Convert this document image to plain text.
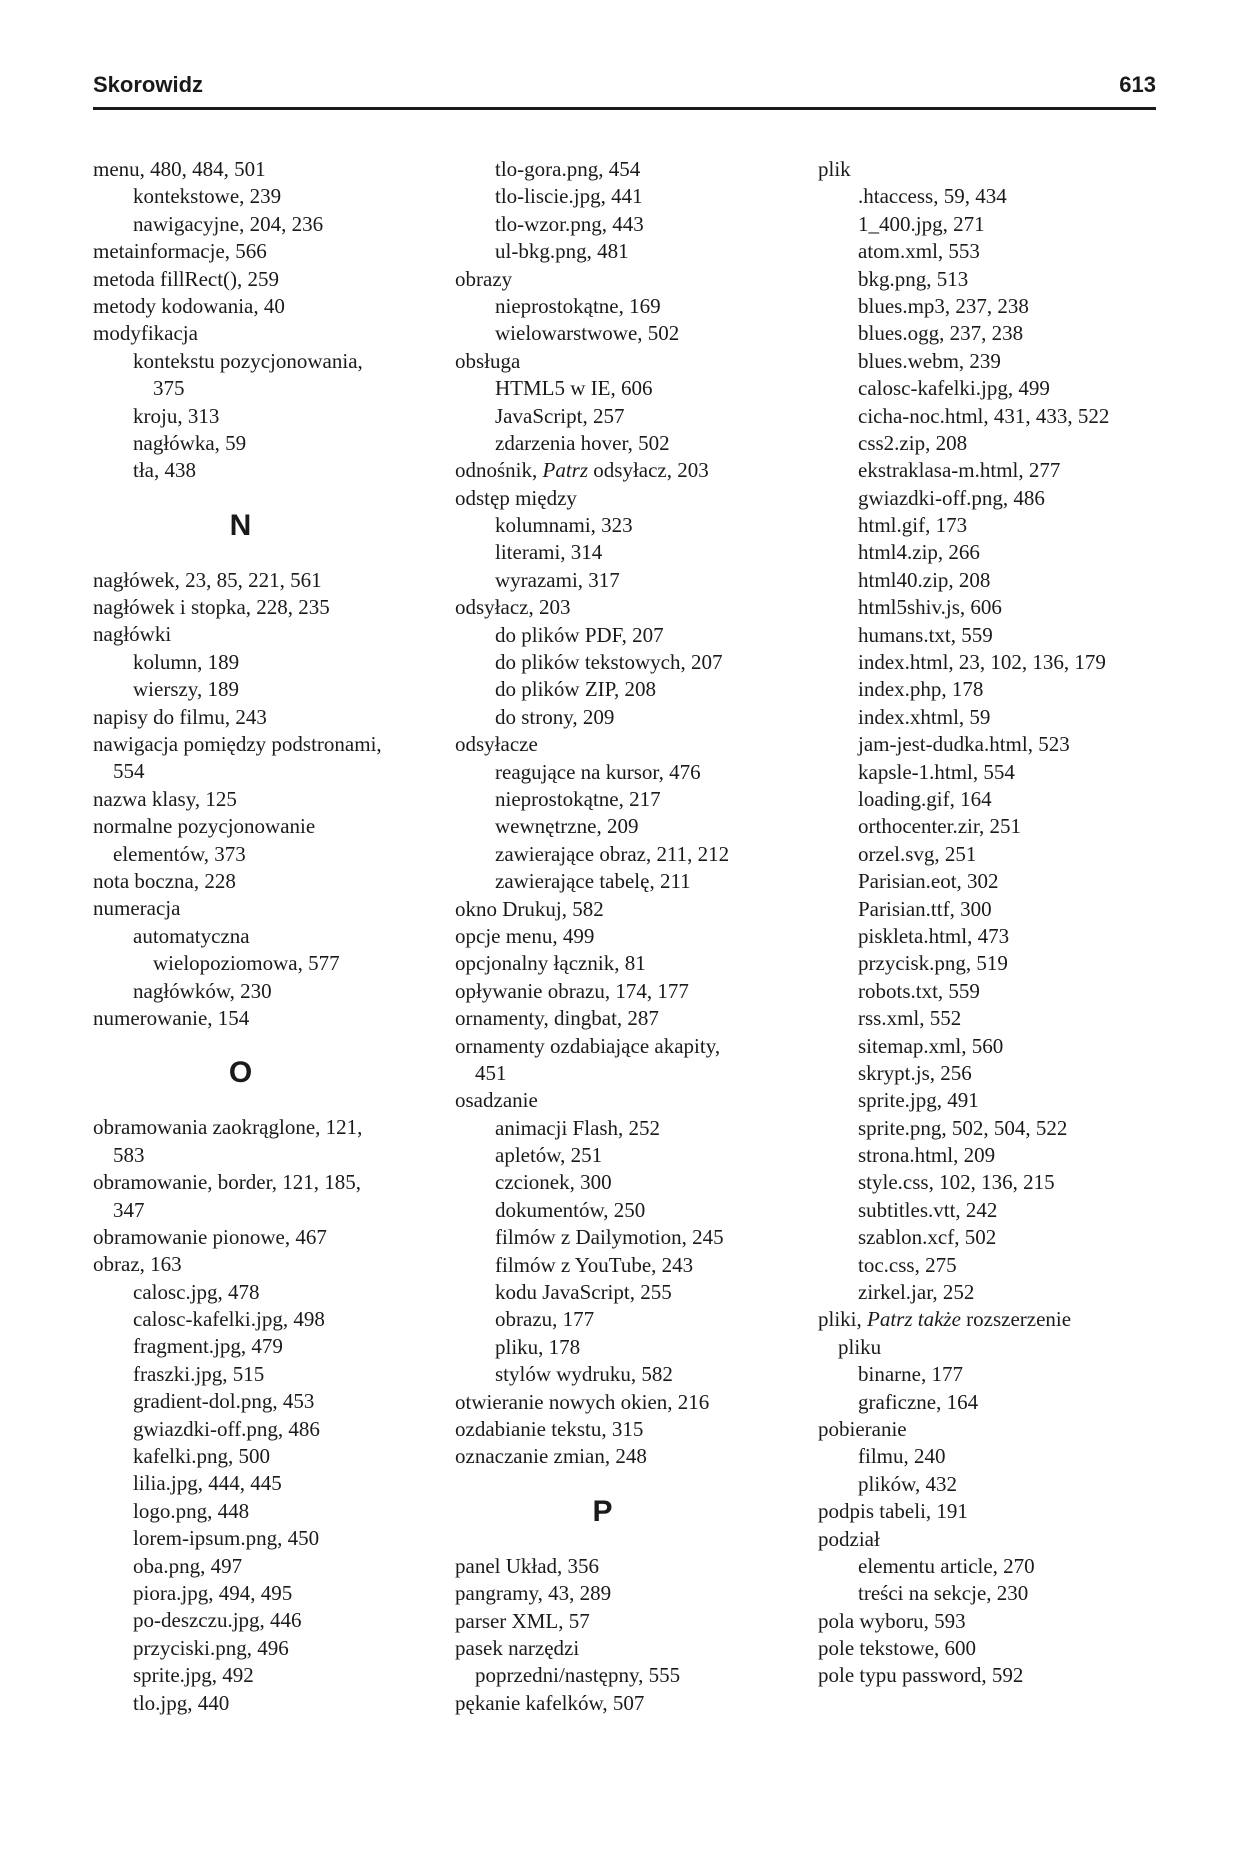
Skorowidz	613
menu, 480, 484, 501
kontekstowe, 239
nawigacyjne, 204, 236
metainformacje, 566
metoda fillRect(), 259
metody kodowania, 40
modyfikacja
kontekstu pozycjonowania,
375
kroju, 313
nagłówka, 59
tła, 438
N
nagłówek, 23, 85, 221, 561
nagłówek i stopka, 228, 235
nagłówki
kolumn, 189
wierszy, 189
napisy do filmu, 243
nawigacja pomiędzy podstronami,
554
nazwa klasy, 125
normalne pozycjonowanie
elementów, 373
nota boczna, 228
numeracja
automatyczna
wielopoziomowa, 577
nagłówków, 230
numerowanie, 154
O
obramowania zaokrąglone, 121,
583
obramowanie, border, 121, 185,
347
obramowanie pionowe, 467
obraz, 163
calosc.jpg, 478
calosc-kafelki.jpg, 498
fragment.jpg, 479
fraszki.jpg, 515
gradient-dol.png, 453
gwiazdki-off.png, 486
kafelki.png, 500
lilia.jpg, 444, 445
logo.png, 448
lorem-ipsum.png, 450
oba.png, 497
piora.jpg, 494, 495
po-deszczu.jpg, 446
przyciski.png, 496
sprite.jpg, 492
tlo.jpg, 440
tlo-gora.png, 454
tlo-liscie.jpg, 441
tlo-wzor.png, 443
ul-bkg.png, 481
obrazy
nieprostokątne, 169
wielowarstwowe, 502
obsługa
HTML5 w IE, 606
JavaScript, 257
zdarzenia hover, 502
odnośnik, Patrz odsyłacz, 203
odstęp między
kolumnami, 323
literami, 314
wyrazami, 317
odsyłacz, 203
do plików PDF, 207
do plików tekstowych, 207
do plików ZIP, 208
do strony, 209
odsyłacze
reagujące na kursor, 476
nieprostokątne, 217
wewnętrzne, 209
zawierające obraz, 211, 212
zawierające tabelę, 211
okno Drukuj, 582
opcje menu, 499
opcjonalny łącznik, 81
opływanie obrazu, 174, 177
ornamenty, dingbat, 287
ornamenty ozdabiające akapity,
451
osadzanie
animacji Flash, 252
apletów, 251
czcionek, 300
dokumentów, 250
filmów z Dailymotion, 245
filmów z YouTube, 243
kodu JavaScript, 255
obrazu, 177
pliku, 178
stylów wydruku, 582
otwieranie nowych okien, 216
ozdabianie tekstu, 315
oznaczanie zmian, 248
P
panel Układ, 356
pangramy, 43, 289
parser XML, 57
pasek narzędzi
poprzedni/następny, 555
pękanie kafelków, 507
plik
.htaccess, 59, 434
1_400.jpg, 271
atom.xml, 553
bkg.png, 513
blues.mp3, 237, 238
blues.ogg, 237, 238
blues.webm, 239
calosc-kafelki.jpg, 499
cicha-noc.html, 431, 433, 522
css2.zip, 208
ekstraklasa-m.html, 277
gwiazdki-off.png, 486
html.gif, 173
html4.zip, 266
html40.zip, 208
html5shiv.js, 606
humans.txt, 559
index.html, 23, 102, 136, 179
index.php, 178
index.xhtml, 59
jam-jest-dudka.html, 523
kapsle-1.html, 554
loading.gif, 164
orthocenter.zir, 251
orzel.svg, 251
Parisian.eot, 302
Parisian.ttf, 300
piskleta.html, 473
przycisk.png, 519
robots.txt, 559
rss.xml, 552
sitemap.xml, 560
skrypt.js, 256
sprite.jpg, 491
sprite.png, 502, 504, 522
strona.html, 209
style.css, 102, 136, 215
subtitles.vtt, 242
szablon.xcf, 502
toc.css, 275
zirkel.jar, 252
pliki, Patrz także rozszerzenie
pliku
binarne, 177
graficzne, 164
pobieranie
filmu, 240
plików, 432
podpis tabeli, 191
podział
elementu article, 270
treści na sekcje, 230
pola wyboru, 593
pole tekstowe, 600
pole typu password, 592
